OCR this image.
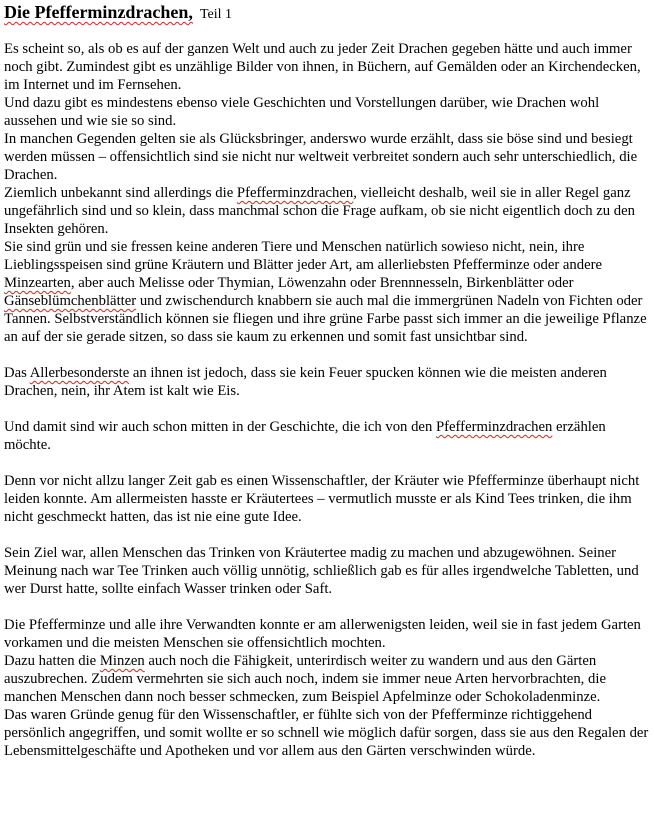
Die Pfefferminzdrachen, Teil 1

Es scheint so, als ob es auf der ganzen Welt und auch zu jeder Zeit Drachen gegeben hätte und auch immer noch gibt. Zumindest gibt es unzählige Bilder von ihnen, in Büchern, auf Gemälden oder an Kirchendecken, im Internet und im Fernsehen.

Und dazu gibt es mindestens ebenso viele Geschichten und Vorstellungen darüber, wie Drachen wohl aussehen und wie sie so sind.

In manchen Gegenden gelten sie als Glücksbringer, anderswo wurde erzählt, dass sie böse sind und besiegt werden müssen – offensichtlich sind sie nicht nur weltweit verbreitet sondern auch sehr unterschiedlich, die Drachen.

Ziemlich unbekannt sind allerdings die Pfefferminzdrachen, vielleicht deshalb, weil sie in aller Regel ganz ungefährlich sind und so klein, dass manchmal schon die Frage aufkam, ob sie nicht eigentlich doch zu den Insekten gehören.

Sie sind grün und sie fressen keine anderen Tiere und Menschen natürlich sowieso nicht, nein, ihre Lieblingsspeisen sind grüne Kräutern und Blätter jeder Art, am allerliebsten Pfefferminze oder andere Minzearten, aber auch Melisse oder Thymian, Löwenzahn oder Brennnesseln, Birkenblätter oder Gänseblümchenblätter und zwischendurch knabbern sie auch mal die immergrünen Nadeln von Fichten oder Tannen. Selbstverständlich können sie fliegen und ihre grüne Farbe passt sich immer an die jeweilige Pflanze an auf der sie gerade sitzen, so dass sie kaum zu erkennen und somit fast unsichtbar sind.

Das Allerbesonderste an ihnen ist jedoch, dass sie kein Feuer spucken können wie die meisten anderen Drachen, nein, ihr Atem ist kalt wie Eis.

Und damit sind wir auch schon mitten in der Geschichte, die ich von den Pfefferminzdrachen erzählen möchte.

Denn vor nicht allzu langer Zeit gab es einen Wissenschaftler, der Kräuter wie Pfefferminze überhaupt nicht leiden konnte. Am allermeisten hasste er Kräutertees – vermutlich musste er als Kind Tees trinken, die ihm nicht geschmeckt hatten, das ist nie eine gute Idee.

Sein Ziel war, allen Menschen das Trinken von Kräutertee madig zu machen und abzugewöhnen. Seiner Meinung nach war Tee Trinken auch völlig unnötig, schließlich gab es für alles irgendwelche Tabletten, und wer Durst hatte, sollte einfach Wasser trinken oder Saft.

Die Pfefferminze und alle ihre Verwandten konnte er am allerwenigsten leiden, weil sie in fast jedem Garten vorkamen und die meisten Menschen sie offensichtlich mochten.

Dazu hatten die Minzen auch noch die Fähigkeit, unterirdisch weiter zu wandern und aus den Gärten auszubrechen. Zudem vermehrten sie sich auch noch, indem sie immer neue Arten hervorbrachten, die manchen Menschen dann noch besser schmecken, zum Beispiel Apfelminze oder Schokoladenminze.

Das waren Gründe genug für den Wissenschaftler, er fühlte sich von der Pfefferminze richtiggehend persönlich angegriffen, und somit wollte er so schnell wie möglich dafür sorgen, dass sie aus den Regalen der Lebensmittelgeschäfte und Apotheken und vor allem aus den Gärten verschwinden würde.
